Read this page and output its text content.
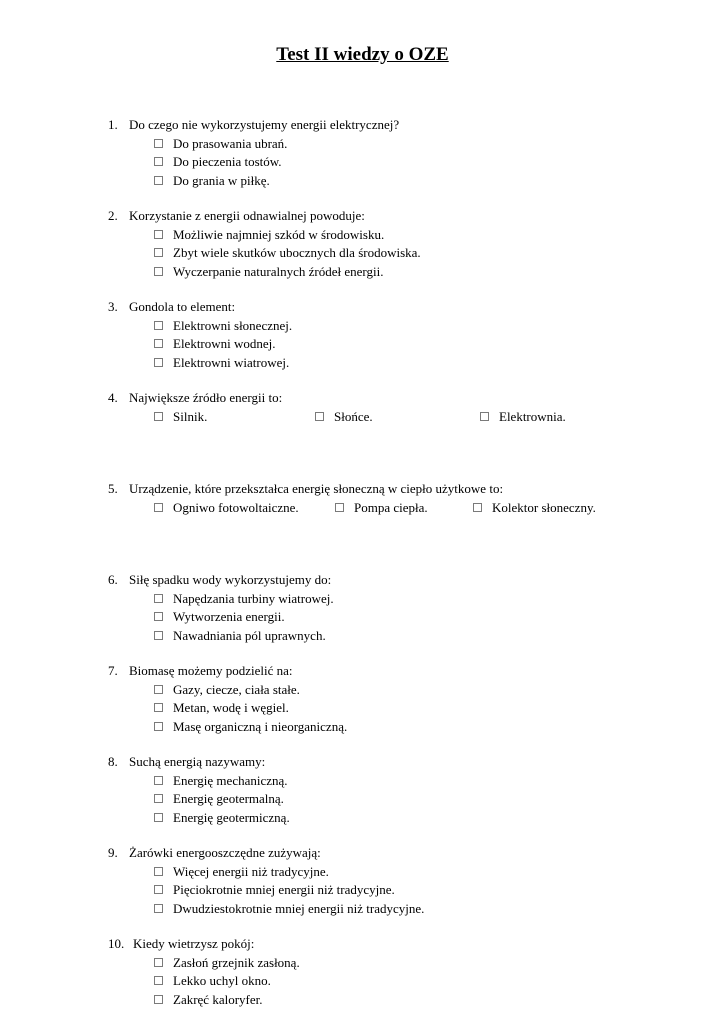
Test II wiedzy o OZE
1. Do czego nie wykorzystujemy energii elektrycznej?
Do prasowania ubrań.
Do pieczenia tostów.
Do grania w piłkę.
2. Korzystanie z energii odnawialnej powoduje:
Możliwie najmniej szkód w środowisku.
Zbyt wiele skutków ubocznych dla środowiska.
Wyczerpanie naturalnych źródeł energii.
3. Gondola to element:
Elektrowni słonecznej.
Elektrowni wodnej.
Elektrowni wiatrowej.
4. Największe źródło energii to:
Silnik.	Słońce.	Elektrownia.
5. Urządzenie, które przekształca energię słoneczną w ciepło użytkowe to:
Ogniwo fotowoltaiczne.	Pompa ciepła.	Kolektor słoneczny.
6. Siłę spadku wody wykorzystujemy do:
Napędzania turbiny wiatrowej.
Wytworzenia energii.
Nawadniania pól uprawnych.
7. Biomasę możemy podzielić na:
Gazy, ciecze, ciała stałe.
Metan, wodę i węgiel.
Masę organiczną i nieorganiczną.
8. Suchą energią nazywamy:
Energię mechaniczną.
Energię geotermalną.
Energię geotermiczną.
9. Żarówki energooszczędne zużywają:
Więcej energii niż tradycyjne.
Pięciokrotnie mniej energii niż tradycyjne.
Dwudziestokrotnie mniej energii niż tradycyjne.
10. Kiedy wietrzysz pokój:
Zasłoń grzejnik zasłoną.
Lekko uchyl okno.
Zakręć kaloryfer.
